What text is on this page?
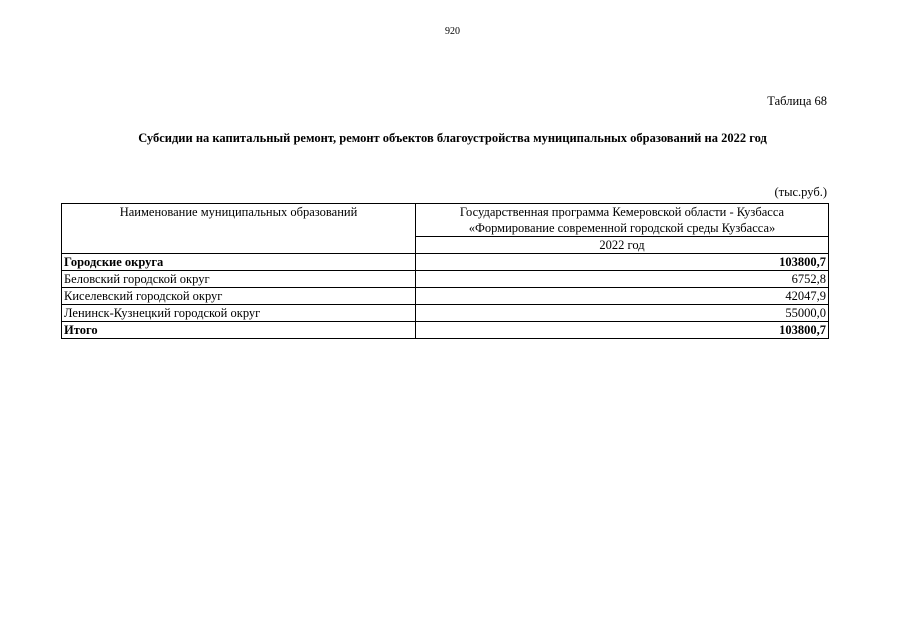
920
Таблица 68
Субсидии на капитальный ремонт, ремонт объектов благоустройства муниципальных образований на 2022 год
(тыс.руб.)
Наименование муниципальных образований	Государственная программа Кемеровской области - Кузбасса
«Формирование современной городской среды Кузбасса»
	2022 год
Городские округа	103800,7
Беловский городской округ	6752,8
Киселевский городской округ	42047,9
Ленинск-Кузнецкий городской округ	55000,0
Итого	103800,7
